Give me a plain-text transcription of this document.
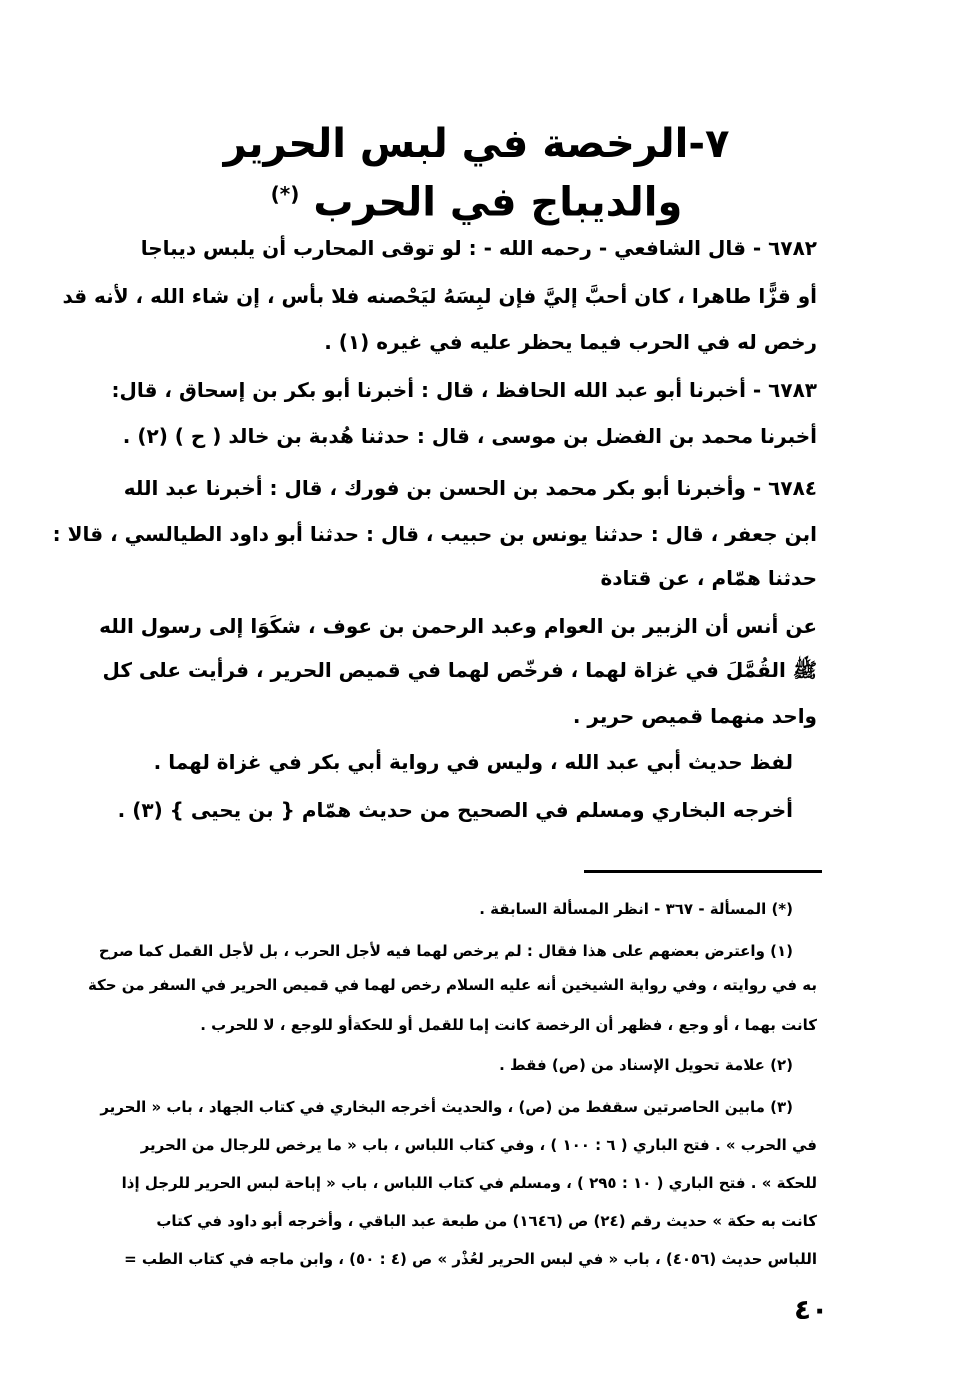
٧-الرخصة في لبس الحرير
والديباج في الحرب (*)
٦٧٨٢ - قال الشافعي - رحمه الله - : لو توقى المحارب أن يلبس ديباجا
أو قزًّا طاهرا ، كان أحبَّ إليَّ فإن لبِسَهُ ليَحْصنه فلا بأس ، إن شاء الله ، لأنه قد
رخص له في الحرب فيما يحظر عليه في غيره (١) .
٦٧٨٣ - أخبرنا أبو عبد الله الحافظ ، قال : أخبرنا أبو بكر بن إسحاق ، قال:
أخبرنا محمد بن الفضل بن موسى ، قال : حدثنا هُدبة بن خالد ( ح ) (٢) .
٦٧٨٤ - وأخبرنا أبو بكر محمد بن الحسن بن فورك ، قال : أخبرنا عبد الله
ابن جعفر ، قال : حدثنا يونس بن حبيب ، قال : حدثنا أبو داود الطيالسي ، قالا :
حدثنا همّام ، عن قتادة
عن أنس أن الزبير بن العوام وعبد الرحمن بن عوف ، شكَوَا إلى رسول الله
ﷺ القُمَّلَ في غزاة لهما ، فرخّص لهما في قميص الحرير ، فرأيت على كل
واحد منهما قميص حرير .
لفظ حديث أبي عبد الله ، وليس في رواية أبي بكر في غزاة لهما .
أخرجه البخاري ومسلم في الصحيح من حديث همّام { بن يحيى } (٣) .
(*) المسألة - ٣٦٧ - انظر المسألة السابقة .
(١) واعترض بعضهم على هذا فقال : لم يرخص لهما فيه لأجل الحرب ، بل لأجل القمل كما صرح
به في روايته ، وفي رواية الشيخين أنه عليه السلام رخص لهما في قميص الحرير في السفر من حكة
كانت بهما ، أو وجع ، فظهر أن الرخصة كانت إما للقمل أو للحكةأو للوجع ، لا للحرب .
(٢) علامة تحويل الإسناد من (ص) فقط .
(٣) مابين الحاصرتين سقفط من (ص) ، والحديث أخرجه البخاري في كتاب الجهاد ، باب « الحرير
في الحرب » . فتح الباري ( ٦ : ١٠٠ ) ، وفي كتاب اللباس ، باب « ما يرخص للرجال من الحرير
للحكة » . فتح الباري ( ١٠ : ٢٩٥ ) ، ومسلم في كتاب اللباس ، باب « إباحة لبس الحرير للرجل إذا
كانت به حكة » حديث رقم (٢٤) ص (١٦٤٦) من طبعة عبد الباقي ، وأخرجه أبو داود في كتاب
اللباس حديث (٤٠٥٦) ، باب « في لبس الحرير لعُذْر » ص (٤ : ٥٠) ، وابن ماجه في كتاب الطب =
٤٠
